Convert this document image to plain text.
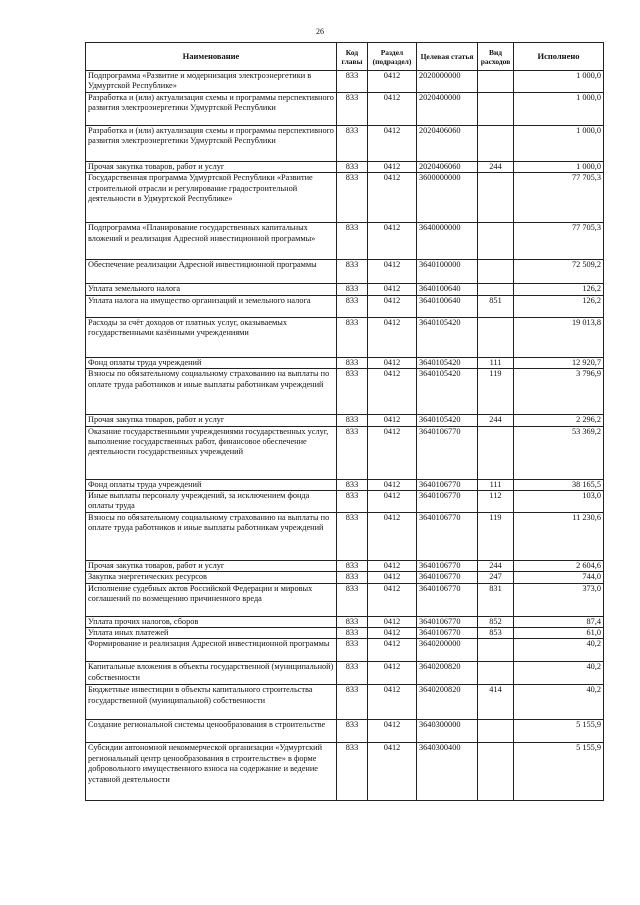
26
Наименование	Код главы	Раздел (подраздел)	Целевая статья	Вид расходов	Исполнено
Подпрограмма «Развитие и модернизация электроэнергетики в Удмуртской Республике»	833	0412	2020000000		1 000,0
Разработка и (или) актуализация схемы и программы перспективного развития электроэнергетики Удмуртской Республики	833	0412	2020400000		1 000,0
Разработка и (или) актуализация схемы и программы перспективного развития электроэнергетики Удмуртской Республики	833	0412	2020406060		1 000,0
Прочая закупка товаров, работ и услуг	833	0412	2020406060	244	1 000,0
Государственная программа Удмуртской Республики «Развитие строительной отрасли и регулирование градостроительной деятельности в Удмуртской Республике»	833	0412	3600000000		77 705,3
Подпрограмма «Планирование государственных капитальных вложений и реализация Адресной инвестиционной программы»	833	0412	3640000000		77 705,3
Обеспечение реализации Адресной инвестиционной программы	833	0412	3640100000		72 509,2
Уплата земельного налога	833	0412	3640100640		126,2
Уплата налога на имущество организаций и земельного налога	833	0412	3640100640	851	126,2
Расходы за счёт доходов от платных услуг, оказываемых государственными казёнными учреждениями	833	0412	3640105420		19 013,8
Фонд оплаты труда учреждений	833	0412	3640105420	111	12 920,7
Взносы по обязательному социальному страхованию на выплаты по оплате труда работников и иные выплаты работникам учреждений	833	0412	3640105420	119	3 796,9
Прочая закупка товаров, работ и услуг	833	0412	3640105420	244	2 296,2
Оказание государственными учреждениями государственных услуг, выполнение государственных работ, финансовое обеспечение деятельности государственных учреждений	833	0412	3640106770		53 369,2
Фонд оплаты труда учреждений	833	0412	3640106770	111	38 165,5
Иные выплаты персоналу учреждений, за исключением фонда оплаты труда	833	0412	3640106770	112	103,0
Взносы по обязательному социальному страхованию на выплаты по оплате труда работников и иные выплаты работникам учреждений	833	0412	3640106770	119	11 230,6
Прочая закупка товаров, работ и услуг	833	0412	3640106770	244	2 604,6
Закупка энергетических ресурсов	833	0412	3640106770	247	744,0
Исполнение судебных актов Российской Федерации и мировых соглашений по возмещению причиненного вреда	833	0412	3640106770	831	373,0
Уплата прочих налогов, сборов	833	0412	3640106770	852	87,4
Уплата иных платежей	833	0412	3640106770	853	61,0
Формирование и реализация Адресной инвестиционной программы	833	0412	3640200000		40,2
Капитальные вложения в объекты государственной (муниципальной) собственности	833	0412	3640200820		40,2
Бюджетные инвестиции в объекты капитального строительства государственной (муниципальной) собственности	833	0412	3640200820	414	40,2
Создание региональной системы ценообразования в строительстве	833	0412	3640300000		5 155,9
Субсидии автономной некоммерческой организации «Удмуртский региональный центр ценообразования в строительстве» в форме добровольного имущественного взноса на содержание и ведение уставной деятельности	833	0412	3640300400		5 155,9
